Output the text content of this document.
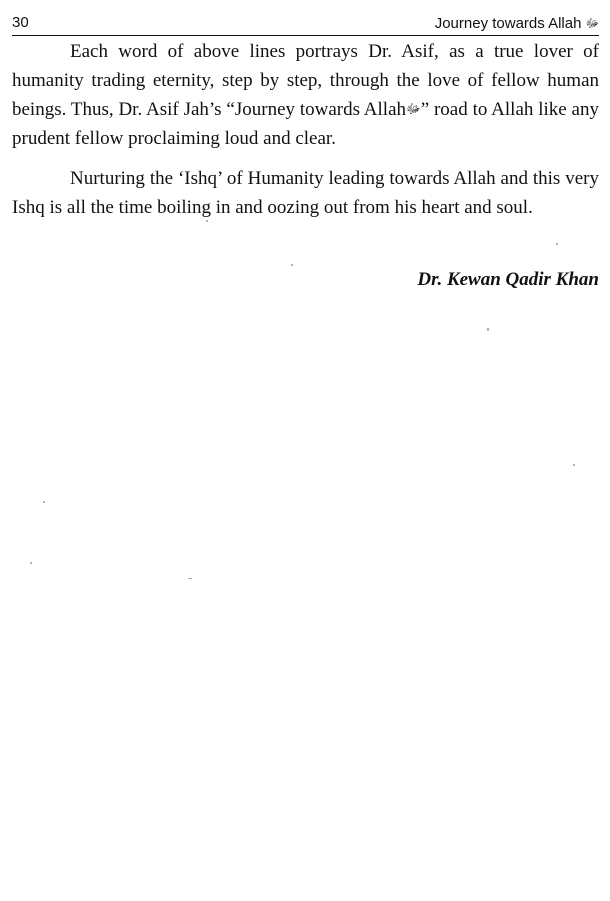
30	Journey towards Allah ﷻ

Each word of above lines portrays Dr. Asif, as a true lover of humanity trading eternity, step by step, through the love of fellow human beings. Thus, Dr. Asif Jah’s “Journey towards Allahﷻ” road to Allah like any prudent fellow proclaiming loud and clear.

Nurturing the ‘Ishq’ of Humanity leading towards Allah and this very Ishq is all the time boiling in and oozing out from his heart and soul.

Dr. Kewan Qadir Khan
